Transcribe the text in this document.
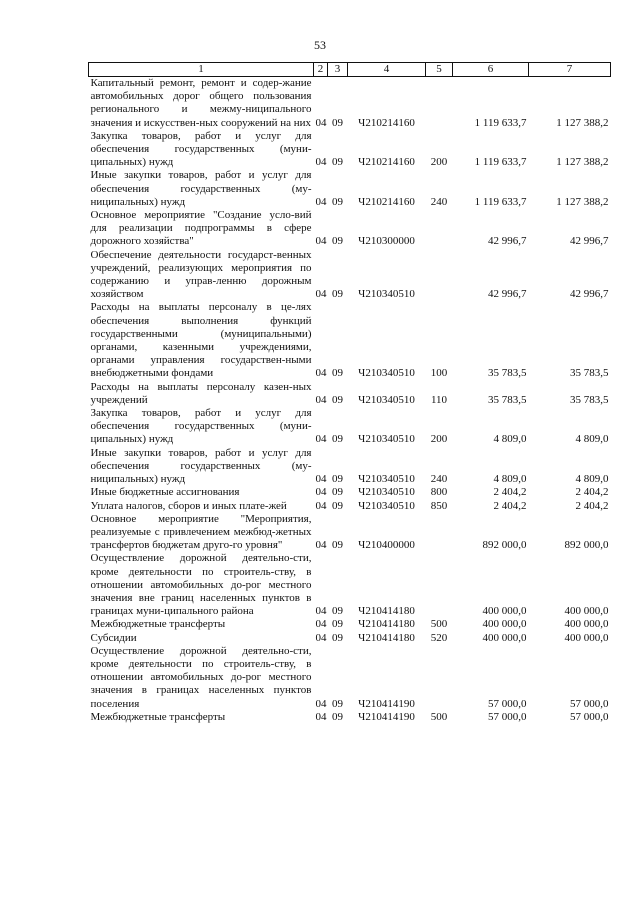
53
1	2	3	4	5	6	7
Капитальный ремонт, ремонт и содер-жание автомобильных дорог общего пользования регионального и межму-ниципального значения и искусствен-ных сооружений на них	04	09	Ч210214160		1 119 633,7	1 127 388,2
Закупка товаров, работ и услуг для обеспечения государственных (муни-ципальных) нужд	04	09	Ч210214160	200	1 119 633,7	1 127 388,2
Иные закупки товаров, работ и услуг для обеспечения государственных (му-ниципальных) нужд	04	09	Ч210214160	240	1 119 633,7	1 127 388,2
Основное мероприятие "Создание усло-вий для реализации подпрограммы в сфере дорожного хозяйства"	04	09	Ч210300000		42 996,7	42 996,7
Обеспечение деятельности государст-венных учреждений, реализующих мероприятия по содержанию и управ-ленню дорожным хозяйством	04	09	Ч210340510		42 996,7	42 996,7
Расходы на выплаты персоналу в це-лях обеспечения выполнения функций государственными (муниципальными) органами, казенными учреждениями, органами управления государствен-ными внебюджетными фондами	04	09	Ч210340510	100	35 783,5	35 783,5
Расходы на выплаты персоналу казен-ных учреждений	04	09	Ч210340510	110	35 783,5	35 783,5
Закупка товаров, работ и услуг для обеспечения государственных (муни-ципальных) нужд	04	09	Ч210340510	200	4 809,0	4 809,0
Иные закупки товаров, работ и услуг для обеспечения государственных (му-ниципальных) нужд	04	09	Ч210340510	240	4 809,0	4 809,0
Иные бюджетные ассигнования	04	09	Ч210340510	800	2 404,2	2 404,2
Уплата налогов, сборов и иных плате-жей	04	09	Ч210340510	850	2 404,2	2 404,2
Основное мероприятие "Мероприятия, реализуемые с привлечением межбюд-жетных трансфертов бюджетам друго-го уровня"	04	09	Ч210400000		892 000,0	892 000,0
Осуществление дорожной деятельно-сти, кроме деятельности по строитель-ству, в отношении автомобильных до-рог местного значения вне границ населенных пунктов в границах муни-ципального района	04	09	Ч210414180		400 000,0	400 000,0
Межбюджетные трансферты	04	09	Ч210414180	500	400 000,0	400 000,0
Субсидии	04	09	Ч210414180	520	400 000,0	400 000,0
Осуществление дорожной деятельно-сти, кроме деятельности по строитель-ству, в отношении автомобильных до-рог местного значения в границах населенных пунктов поселения	04	09	Ч210414190		57 000,0	57 000,0
Межбюджетные трансферты	04	09	Ч210414190	500	57 000,0	57 000,0
